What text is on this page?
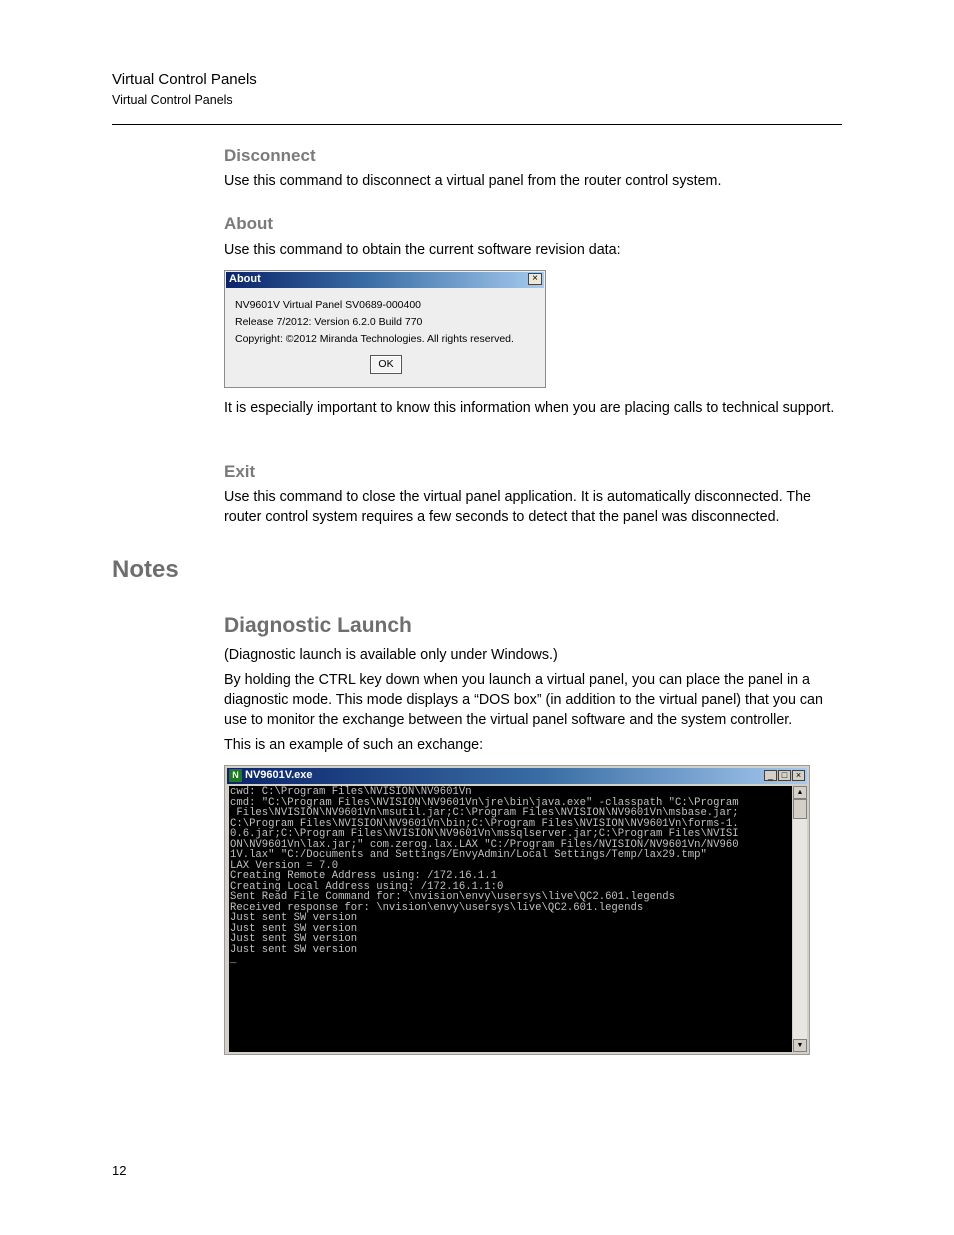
Virtual Control Panels
Virtual Control Panels
Disconnect
Use this command to disconnect a virtual panel from the router control system.
About
Use this command to obtain the current software revision data:
About	×
NV9601V Virtual Panel SV0689-000400
Release 7/2012: Version 6.2.0 Build 770
Copyright: ©2012 Miranda Technologies. All rights reserved.
OK
It is especially important to know this information when you are placing calls to technical support.
Exit
Use this command to close the virtual panel application. It is automatically disconnected. The router control system requires a few seconds to detect that the panel was disconnected.
Notes
Diagnostic Launch
(Diagnostic launch is available only under Windows.)
By holding the CTRL key down when you launch a virtual panel, you can place the panel in a diagnostic mode. This mode displays a “DOS box” (in addition to the virtual panel) that you can use to monitor the exchange between the virtual panel software and the system controller.
This is an example of such an exchange:
N NV9601V.exe	_ □ ×
cwd: C:\Program Files\NVISION\NV9601Vn
cmd: "C:\Program Files\NVISION\NV9601Vn\jre\bin\java.exe" -classpath "C:\Program
Files\NVISION\NV9601Vn\msutil.jar;C:\Program Files\NVISION\NV9601Vn\msbase.jar;
C:\Program Files\NVISION\NV9601Vn\bin;C:\Program Files\NVISION\NV9601Vn\forms-1.
0.6.jar;C:\Program Files\NVISION\NV9601Vn\mssqlserver.jar;C:\Program Files\NVISI
ON\NV9601Vn\lax.jar;" com.zerog.lax.LAX "C:/Program Files/NVISION/NV9601Vn/NV960
1V.lax" "C:/Documents and Settings/EnvyAdmin/Local Settings/Temp/lax29.tmp"
LAX Version = 7.0
Creating Remote Address using: /172.16.1.1
Creating Local Address using: /172.16.1.1:0
Sent Read File Command for: \nvision\envy\usersys\live\QC2.601.legends
Received response for: \nvision\envy\usersys\live\QC2.601.legends
Just sent SW version
Just sent SW version
Just sent SW version
Just sent SW version
_
▲
▼
12
